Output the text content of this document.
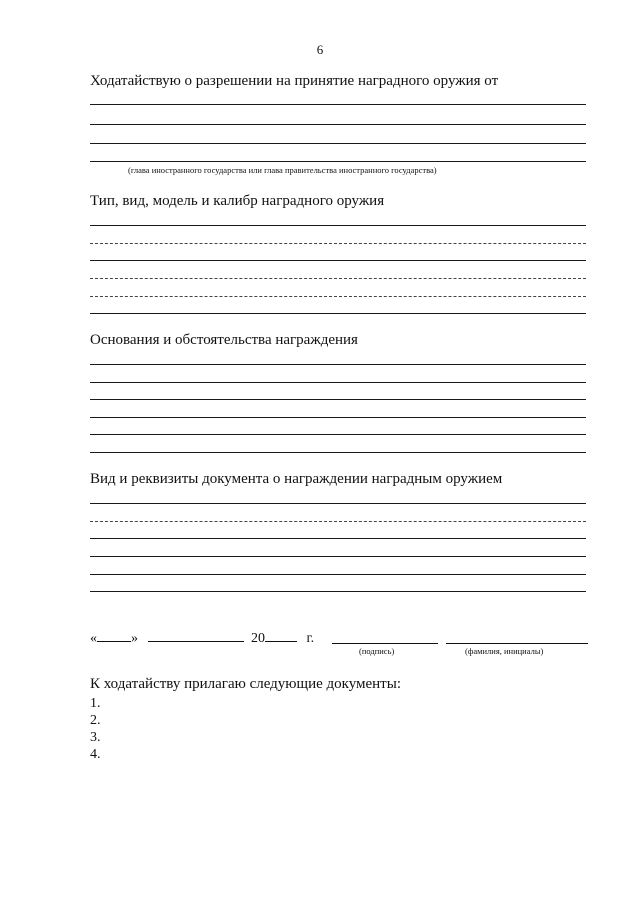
6
Ходатайствую о разрешении на принятие наградного оружия от
(глава иностранного государства или глава правительства иностранного государства)
Тип, вид, модель и калибр наградного оружия
Основания и обстоятельства награждения
Вид и реквизиты документа о награждении наградным оружием
« »	20	г.
(подпись)	(фамилия, инициалы)
К ходатайству прилагаю следующие документы:
1.
2.
3.
4.
